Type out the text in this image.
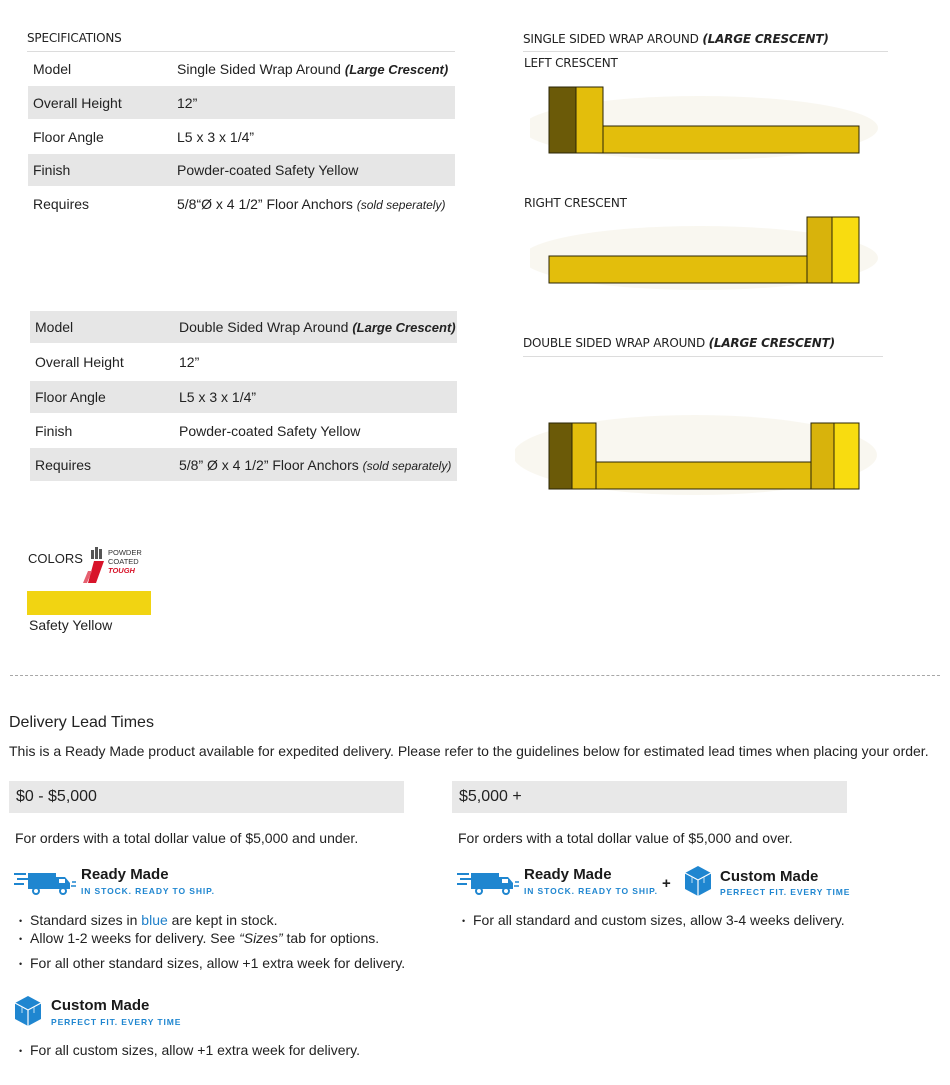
SPECIFICATIONS
Model	Single Sided Wrap Around (Large Crescent)
Overall Height	12”
Floor Angle	L5 x 3 x 1/4”
Finish	Powder-coated Safety Yellow
Requires	5/8“Ø x 4 1/2” Floor Anchors (sold seperately)
Model	Double Sided Wrap Around (Large Crescent)
Overall Height	12”
Floor Angle	L5 x 3 x 1/4”
Finish	Powder-coated Safety Yellow
Requires	5/8” Ø x 4 1/2” Floor Anchors (sold separately)
SINGLE SIDED WRAP AROUND (LARGE CRESCENT)
LEFT CRESCENT
RIGHT CRESCENT
DOUBLE SIDED WRAP AROUND (LARGE CRESCENT)
COLORS	POWDER
COATED
TOUGH
Safety Yellow
Delivery Lead Times
This is a Ready Made product available for expedited delivery. Please refer to the guidelines below for estimated lead times when placing your order.
$0 - $5,000
For orders with a total dollar value of $5,000 and under.
Ready Made
IN STOCK. READY TO SHIP.
• Standard sizes in blue are kept in stock.
• Allow 1-2 weeks for delivery. See “Sizes” tab for options.
• For all other standard sizes, allow +1 extra week for delivery.
Custom Made
PERFECT FIT. EVERY TIME
• For all custom sizes, allow +1 extra week for delivery.
$5,000 +
For orders with a total dollar value of $5,000 and over.
Ready Made
IN STOCK. READY TO SHIP. +	Custom Made
PERFECT FIT. EVERY TIME
• For all standard and custom sizes, allow 3-4 weeks delivery.
